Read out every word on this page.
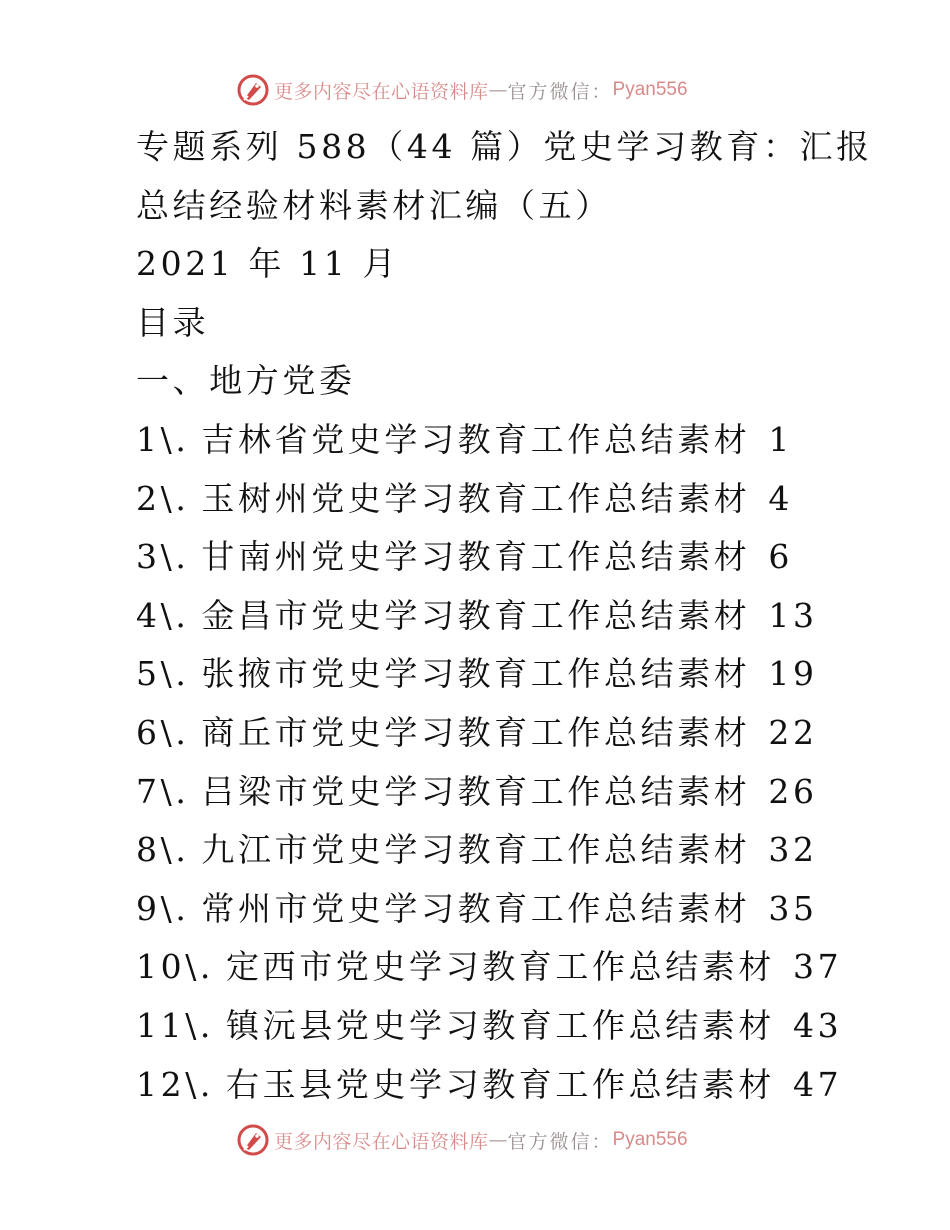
更多内容尽在心语资料库 — 官方微信： Pyan556
专题系列 588（44 篇）党史学习教育：汇报
总结经验材料素材汇编（五）
2021 年 11 月
目录
一、地方党委
1\. 吉林省党史学习教育工作总结素材 1
2\. 玉树州党史学习教育工作总结素材 4
3\. 甘南州党史学习教育工作总结素材 6
4\. 金昌市党史学习教育工作总结素材 13
5\. 张掖市党史学习教育工作总结素材 19
6\. 商丘市党史学习教育工作总结素材 22
7\. 吕梁市党史学习教育工作总结素材 26
8\. 九江市党史学习教育工作总结素材 32
9\. 常州市党史学习教育工作总结素材 35
10\. 定西市党史学习教育工作总结素材 37
11\. 镇沅县党史学习教育工作总结素材 43
12\. 右玉县党史学习教育工作总结素材 47
更多内容尽在心语资料库 — 官方微信： Pyan556
